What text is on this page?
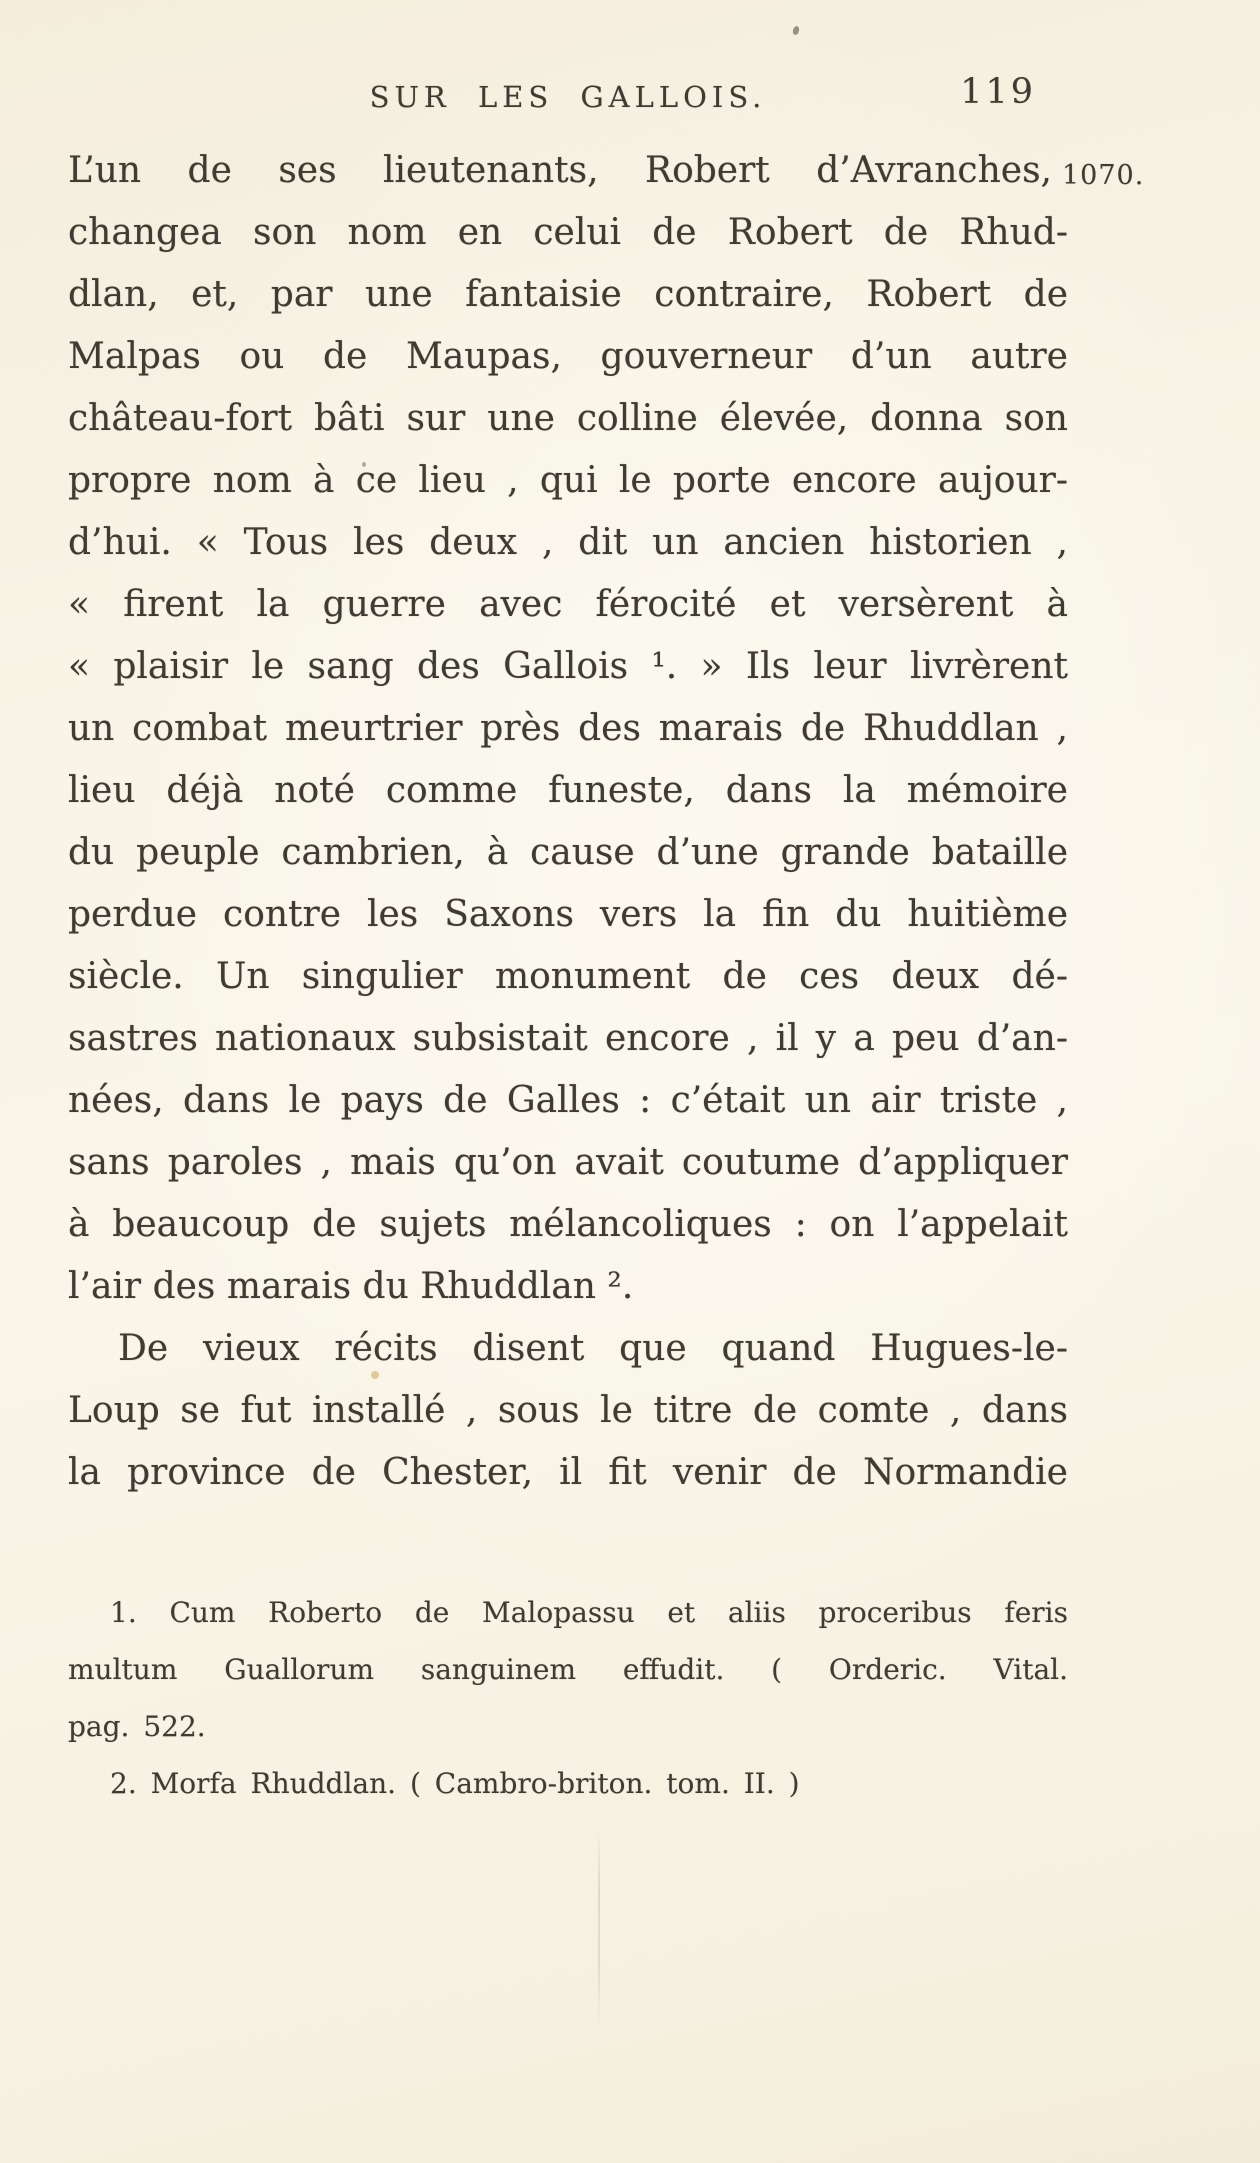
SUR LES GALLOIS.	119
1070.
L’un de ses lieutenants, Robert d’Avranches,
changea son nom en celui de Robert de Rhud-
dlan, et, par une fantaisie contraire, Robert de
Malpas ou de Maupas, gouverneur d’un autre
château-fort bâti sur une colline élevée, donna son
propre nom à ce lieu , qui le porte encore aujour-
d’hui. « Tous les deux , dit un ancien historien ,
« firent la guerre avec férocité et versèrent à
« plaisir le sang des Gallois ¹. » Ils leur livrèrent
un combat meurtrier près des marais de Rhuddlan ,
lieu déjà noté comme funeste, dans la mémoire
du peuple cambrien, à cause d’une grande bataille
perdue contre les Saxons vers la fin du huitième
siècle. Un singulier monument de ces deux dé-
sastres nationaux subsistait encore , il y a peu d’an-
nées, dans le pays de Galles : c’était un air triste ,
sans paroles , mais qu’on avait coutume d’appliquer
à beaucoup de sujets mélancoliques : on l’appelait
l’air des marais du Rhuddlan ².
De vieux récits disent que quand Hugues-le-
Loup se fut installé , sous le titre de comte , dans
la province de Chester, il fit venir de Normandie
1. Cum Roberto de Malopassu et aliis proceribus feris
multum Guallorum sanguinem effudit. ( Orderic. Vital.
pag. 522.
2. Morfa Rhuddlan. ( Cambro-briton. tom. II. )
